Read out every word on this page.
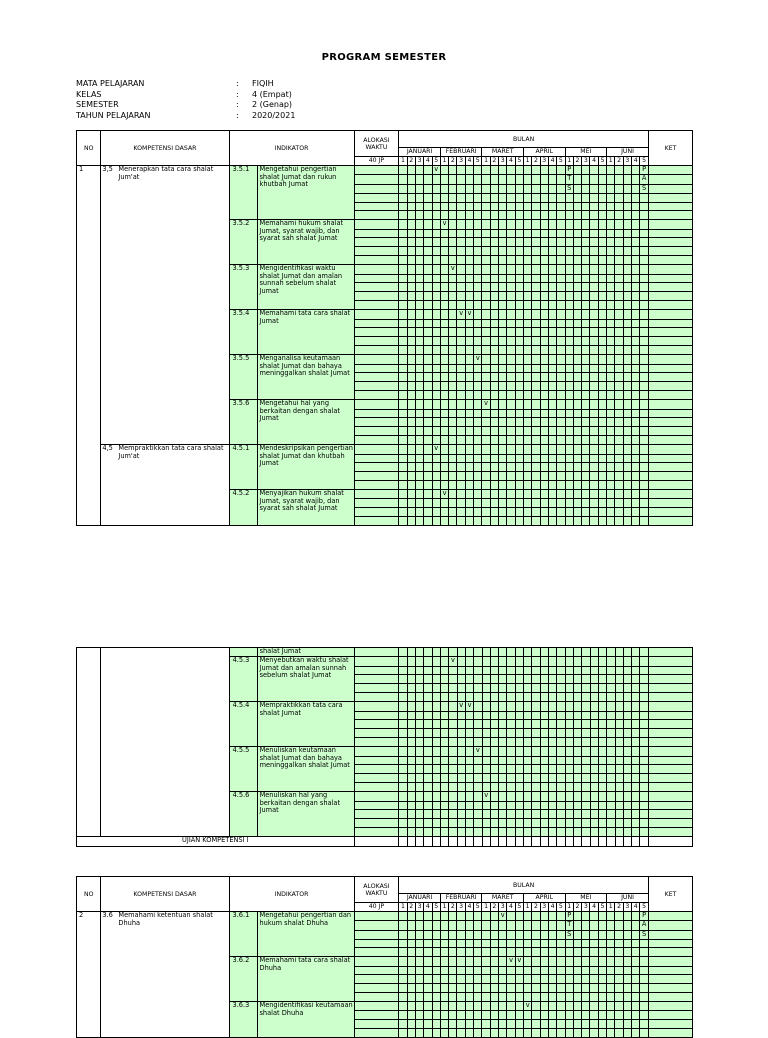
PROGRAM SEMESTER
MATA PELAJARAN	:	FIQIH
KELAS	:	4 (Empat)
SEMESTER	:	2 (Genap)
TAHUN PELAJARAN	:	2020/2021
NO	KOMPETENSI DASAR	INDIKATOR	ALOKASI WAKTU	BULAN																														KET
				JANUARI					FEBRUARI					MARET					APRIL					MEI					JUNI					
			40 JP	1	2	3	4	5	1	2	3	4	5	1	2	3	4	5	1	2	3	4	5	1	2	3	4	5	1	2	3	4	5	
1	3,5 Menerapkan tata cara shalat Jum'at	3.5.1 Mengetahui pengertian shalat Jumat dan rukun khutbah Jumat						v																P									P	
																								T									A	
																								S									S	

		3.5.2 Memahami hukum shalat Jumat, syarat wajib, dan syarat sah shalat Jumat							v																									

		3.5.3 Mengidentifikasi waktu shalat Jumat dan amalan sunnah sebelum shalat Jumat								v																								

		3.5.4 Memahami tata cara shalat Jumat									v	v																						

		3.5.5 Menganalisa keutamaan shalat Jumat dan bahaya meninggalkan shalat Jumat											v																					

		3.5.6 Mengetahui hal yang berkaitan dengan shalat Jumat												v																				

	4,5 Mempraktikkan tata cara shalat Jum'at	4.5.1 Mendeskripsikan pengertian shalat Jumat dan khutbah Jumat						v																										

		4.5.2 Menyajikan hukum shalat Jumat, syarat wajib, dan syarat sah shalat Jumat							v																									

		shalat Jumat																																

		4.5.3 Menyebutkan waktu shalat Jumat dan amalan sunnah sebelum shalat Jumat								v																								

		4.5.4 Mempraktikkan tata cara shalat Jumat									v	v																						

		4.5.5 Menuliskan keutamaan shalat Jumat dan bahaya meninggalkan shalat Jumat											v																					

		4.5.6 Menuliskan hal yang berkaitan dengan shalat Jumat												v																				

UJIAN KOMPETENSI I																																		
NO	KOMPETENSI DASAR	INDIKATOR	ALOKASI WAKTU	BULAN																														KET
				JANUARI					FEBRUARI					MARET					APRIL					MEI					JUNI					
			40 JP	1	2	3	4	5	1	2	3	4	5	1	2	3	4	5	1	2	3	4	5	1	2	3	4	5	1	2	3	4	5	
2	3.6 Memahami ketentuan shalat Dhuha	3.6.1 Mengetahui pengertian dan hukum shalat Dhuha														v								P									P	
																								T									A	
																								S									S	

		3.6.2 Memahami tata cara shalat Dhuha															v	v																

		3.6.3 Mengidentifikasi keutamaan shalat Dhuha																	v															
